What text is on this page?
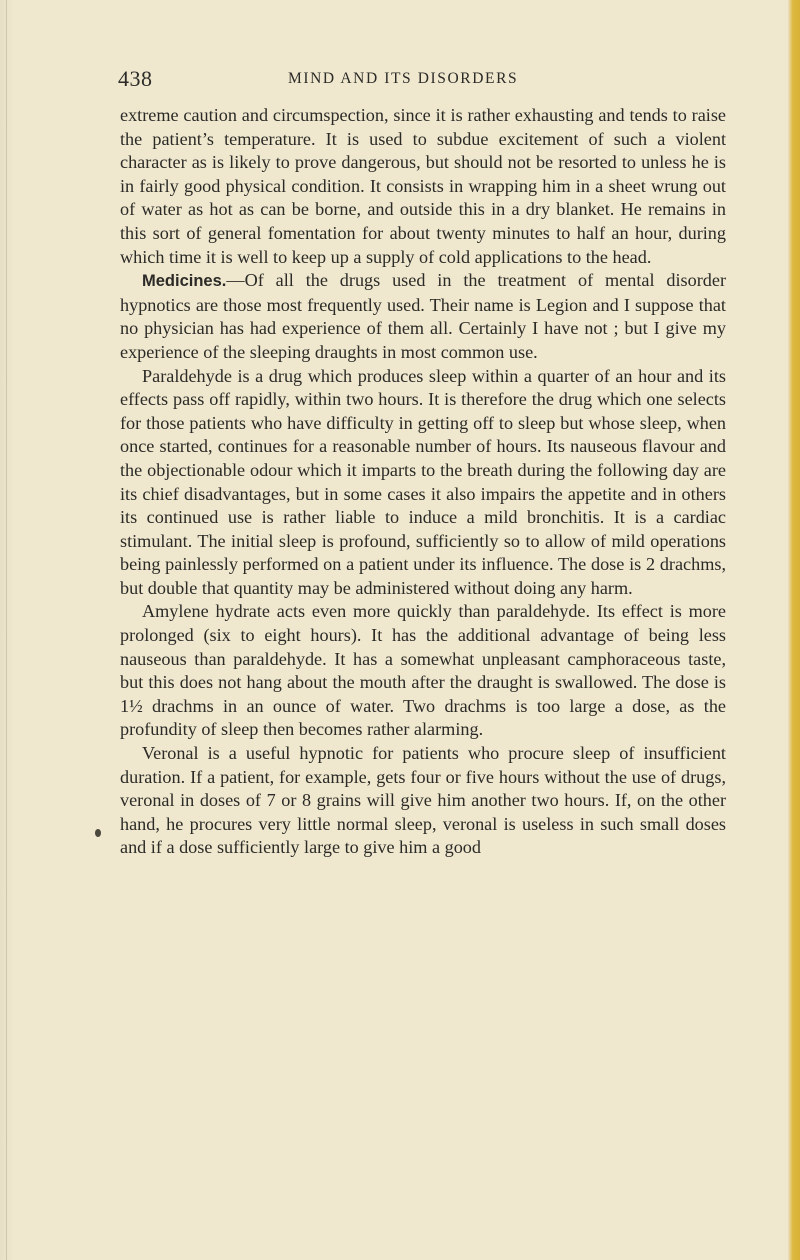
438	MIND AND ITS DISORDERS

extreme caution and circumspection, since it is rather exhausting and tends to raise the patient’s temperature. It is used to subdue excitement of such a violent character as is likely to prove dangerous, but should not be resorted to unless he is in fairly good physical condition. It consists in wrapping him in a sheet wrung out of water as hot as can be borne, and outside this in a dry blanket. He remains in this sort of general fomentation for about twenty minutes to half an hour, during which time it is well to keep up a supply of cold applications to the head.

Medicines.—Of all the drugs used in the treatment of mental disorder hypnotics are those most frequently used. Their name is Legion and I suppose that no physician has had experience of them all. Certainly I have not ; but I give my experience of the sleeping draughts in most common use.

Paraldehyde is a drug which produces sleep within a quarter of an hour and its effects pass off rapidly, within two hours. It is therefore the drug which one selects for those patients who have difficulty in getting off to sleep but whose sleep, when once started, continues for a reasonable number of hours. Its nauseous flavour and the objectionable odour which it imparts to the breath during the following day are its chief disadvantages, but in some cases it also impairs the appetite and in others its continued use is rather liable to induce a mild bronchitis. It is a cardiac stimulant. The initial sleep is profound, sufficiently so to allow of mild operations being painlessly performed on a patient under its influence. The dose is 2 drachms, but double that quantity may be administered without doing any harm.

Amylene hydrate acts even more quickly than paraldehyde. Its effect is more prolonged (six to eight hours). It has the additional advantage of being less nauseous than paraldehyde. It has a somewhat unpleasant camphoraceous taste, but this does not hang about the mouth after the draught is swallowed. The dose is 1½ drachms in an ounce of water. Two drachms is too large a dose, as the profundity of sleep then becomes rather alarming.

Veronal is a useful hypnotic for patients who procure sleep of insufficient duration. If a patient, for example, gets four or five hours without the use of drugs, veronal in doses of 7 or 8 grains will give him another two hours. If, on the other hand, he procures very little normal sleep, veronal is useless in such small doses and if a dose sufficiently large to give him a good
